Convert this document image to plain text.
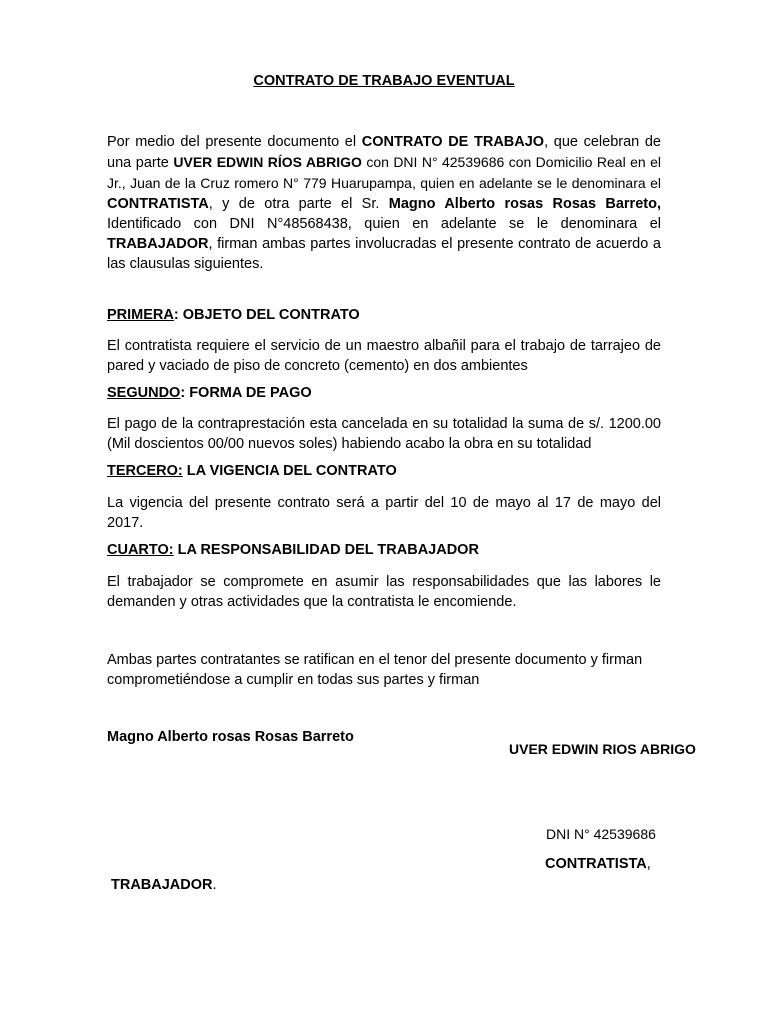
CONTRATO DE TRABAJO EVENTUAL

Por medio del presente documento el CONTRATO DE TRABAJO, que celebran de una parte UVER EDWIN RÍOS ABRIGO con DNI N° 42539686 con Domicilio Real en el Jr., Juan de la Cruz romero N° 779 Huarupampa, quien en adelante se le denominara el CONTRATISTA, y de otra parte el Sr. Magno Alberto rosas Rosas Barreto, Identificado con DNI N°48568438, quien en adelante se le denominara el TRABAJADOR, firman ambas partes involucradas el presente contrato de acuerdo a las clausulas siguientes.

PRIMERA: OBJETO DEL CONTRATO

El contratista requiere el servicio de un maestro albañil para el trabajo de tarrajeo de pared y vaciado de piso de concreto (cemento) en dos ambientes

SEGUNDO: FORMA DE PAGO

El pago de la contraprestación esta cancelada en su totalidad la suma de s/. 1200.00 (Mil doscientos 00/00 nuevos soles) habiendo acabo la obra en su totalidad

TERCERO: LA VIGENCIA DEL CONTRATO

La vigencia del presente contrato será a partir del 10 de mayo al 17 de mayo del 2017.

CUARTO: LA RESPONSABILIDAD DEL TRABAJADOR

El trabajador se compromete en asumir las responsabilidades que las labores le demanden y otras actividades que la contratista le encomiende.

Ambas partes contratantes se ratifican en el tenor del presente documento y firman comprometiéndose a cumplir en todas sus partes y firman

Magno Alberto rosas Rosas Barreto

UVER EDWIN RIOS ABRIGO

DNI N° 42539686

CONTRATISTA,

TRABAJADOR.
